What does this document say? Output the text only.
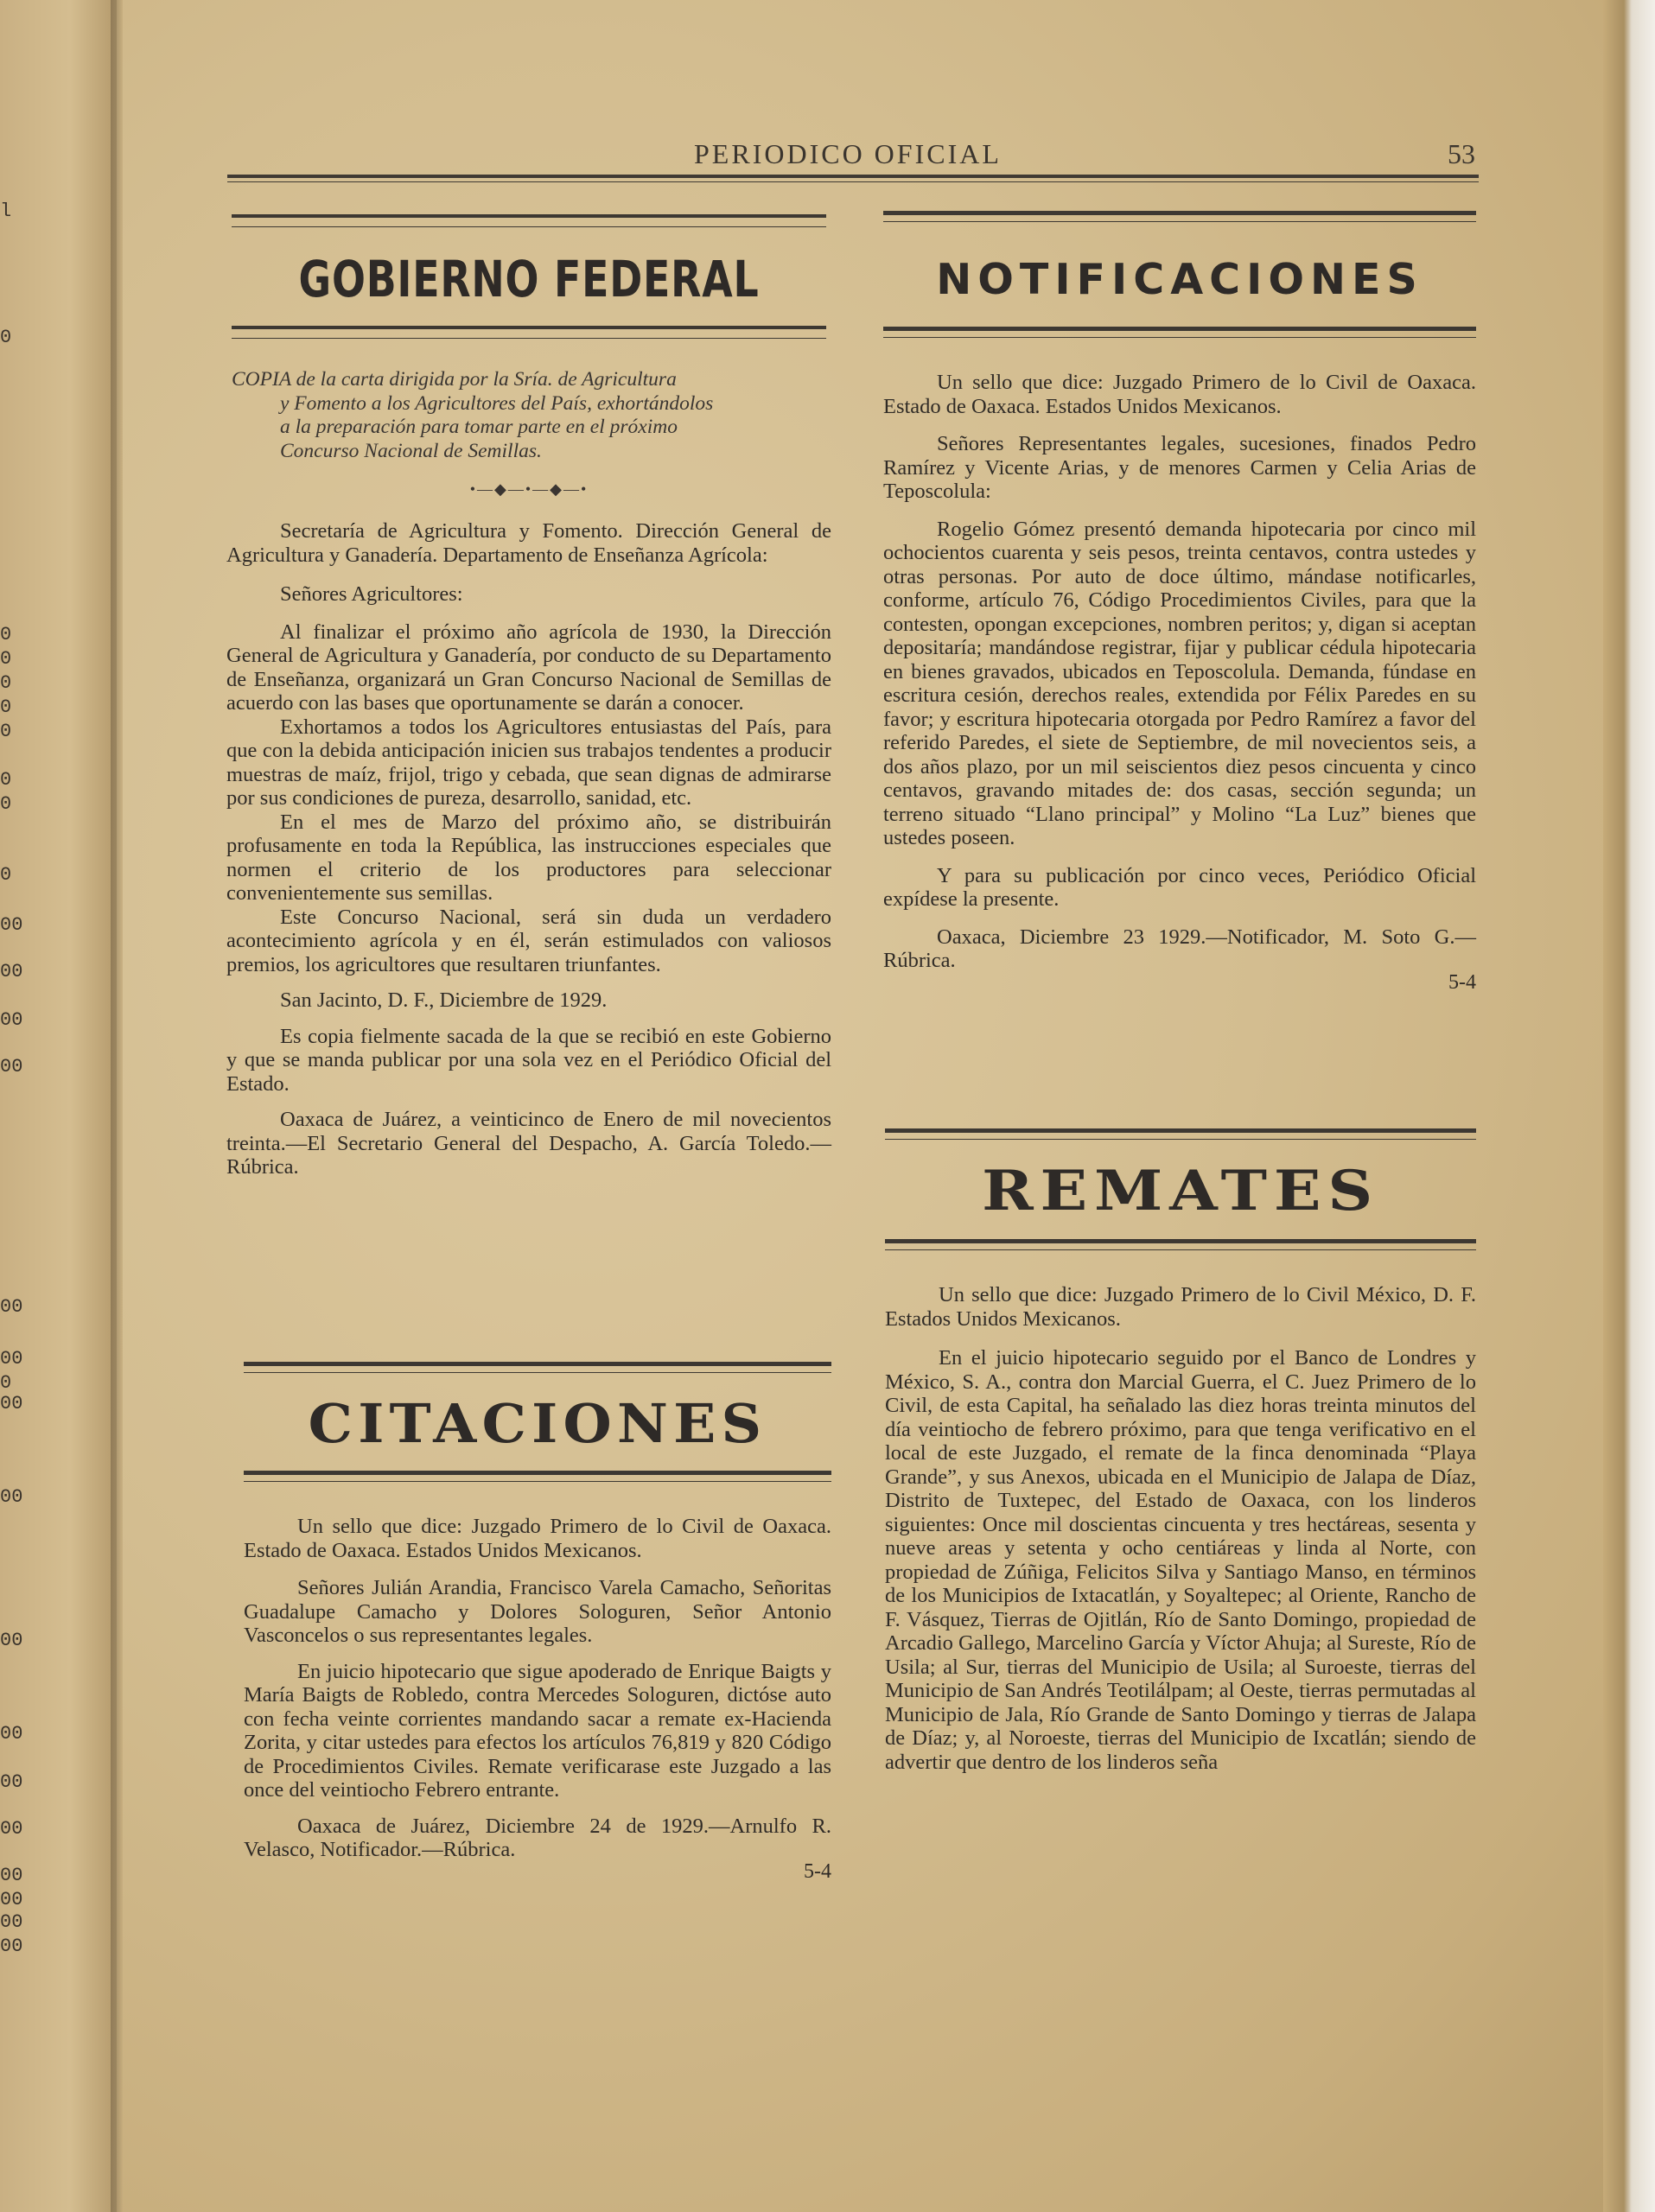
l
0
0
0
0
0
0
0
0
0
00
00
00
00
00
00
0
00
00
00
00
00
00
00
00
00
00
PERIODICO OFICIAL	53
GOBIERNO FEDERAL

COPIA de la carta dirigida por la Sría. de Agricultura

y Fomento a los Agricultores del País, exhortándolos

a la preparación para tomar parte en el próximo

Concurso Nacional de Semillas.

•—◆—•—◆—•

Secretaría de Agricultura y Fomento. Dirección General de Agricultura y Ganadería. Departamento de Enseñanza Agrícola:

Señores Agricultores:

Al finalizar el próximo año agrícola de 1930, la Dirección General de Agricultura y Ganadería, por conducto de su Departamento de Enseñanza, organizará un Gran Concurso Nacional de Semillas de acuerdo con las bases que oportunamente se darán a conocer.

Exhortamos a todos los Agricultores entusiastas del País, para que con la debida anticipación inicien sus trabajos tendentes a producir muestras de maíz, frijol, trigo y cebada, que sean dignas de admirarse por sus condiciones de pureza, desarrollo, sanidad, etc.

En el mes de Marzo del próximo año, se distribuirán profusamente en toda la República, las instrucciones especiales que normen el criterio de los productores para seleccionar convenientemente sus semillas.

Este Concurso Nacional, será sin duda un verdadero acontecimiento agrícola y en él, serán estimulados con valiosos premios, los agricultores que resultaren triunfantes.

San Jacinto, D. F., Diciembre de 1929.

Es copia fielmente sacada de la que se recibió en este Gobierno y que se manda publicar por una sola vez en el Periódico Oficial del Estado.

Oaxaca de Juárez, a veinticinco de Enero de mil novecientos treinta.—El Secretario General del Despacho, A. García Toledo.—Rúbrica.

CITACIONES

Un sello que dice: Juzgado Primero de lo Civil de Oaxaca. Estado de Oaxaca. Estados Unidos Mexicanos.

Señores Julián Arandia, Francisco Varela Camacho, Señoritas Guadalupe Camacho y Dolores Sologuren, Señor Antonio Vasconcelos o sus representantes legales.

En juicio hipotecario que sigue apoderado de Enrique Baigts y María Baigts de Robledo, contra Mercedes Sologuren, dictóse auto con fecha veinte corrientes mandando sacar a remate ex-Hacienda Zorita, y citar ustedes para efectos los artículos 76,819 y 820 Código de Procedimientos Civiles. Remate verificarase este Juzgado a las once del veintiocho Febrero entrante.

Oaxaca de Juárez, Diciembre 24 de 1929.—Arnulfo R. Velasco, Notificador.—Rúbrica.

5-4

NOTIFICACIONES

Un sello que dice: Juzgado Primero de lo Civil de Oaxaca. Estado de Oaxaca. Estados Unidos Mexicanos.

Señores Representantes legales, sucesiones, finados Pedro Ramírez y Vicente Arias, y de menores Carmen y Celia Arias de Teposcolula:

Rogelio Gómez presentó demanda hipotecaria por cinco mil ochocientos cuarenta y seis pesos, treinta centavos, contra ustedes y otras personas. Por auto de doce último, mándase notificarles, conforme, artículo 76, Código Procedimientos Civiles, para que la contesten, opongan excepciones, nombren peritos; y, digan si aceptan depositaría; mandándose registrar, fijar y publicar cédula hipotecaria en bienes gravados, ubicados en Teposcolula. Demanda, fúndase en escritura cesión, derechos reales, extendida por Félix Paredes en su favor; y escritura hipotecaria otorgada por Pedro Ramírez a favor del referido Paredes, el siete de Septiembre, de mil novecientos seis, a dos años plazo, por un mil seiscientos diez pesos cincuenta y cinco centavos, gravando mitades de: dos casas, sección segunda; un terreno situado “Llano principal” y Molino “La Luz” bienes que ustedes poseen.

Y para su publicación por cinco veces, Periódico Oficial expídese la presente.

Oaxaca, Diciembre 23 1929.—Notificador, M. Soto G.—Rúbrica.

5-4

REMATES

Un sello que dice: Juzgado Primero de lo Civil México, D. F. Estados Unidos Mexicanos.

En el juicio hipotecario seguido por el Banco de Londres y México, S. A., contra don Marcial Guerra, el C. Juez Primero de lo Civil, de esta Capital, ha señalado las diez horas treinta minutos del día veintiocho de febrero próximo, para que tenga verificativo en el local de este Juzgado, el remate de la finca denominada “Playa Grande”, y sus Anexos, ubicada en el Municipio de Jalapa de Díaz, Distrito de Tuxtepec, del Estado de Oaxaca, con los linderos siguientes: Once mil doscientas cincuenta y tres hectáreas, sesenta y nueve areas y setenta y ocho centiáreas y linda al Norte, con propiedad de Zúñiga, Felicitos Silva y Santiago Manso, en términos de los Municipios de Ixtacatlán, y Soyaltepec; al Oriente, Rancho de F. Vásquez, Tierras de Ojitlán, Río de Santo Domingo, propiedad de Arcadio Gallego, Marcelino García y Víctor Ahuja; al Sureste, Río de Usila; al Sur, tierras del Municipio de Usila; al Suroeste, tierras del Municipio de San Andrés Teotilálpam; al Oeste, tierras permutadas al Municipio de Jala, Río Grande de Santo Domingo y tierras de Jalapa de Díaz; y, al Noroeste, tierras del Municipio de Ixcatlán; siendo de advertir que dentro de los linderos seña
